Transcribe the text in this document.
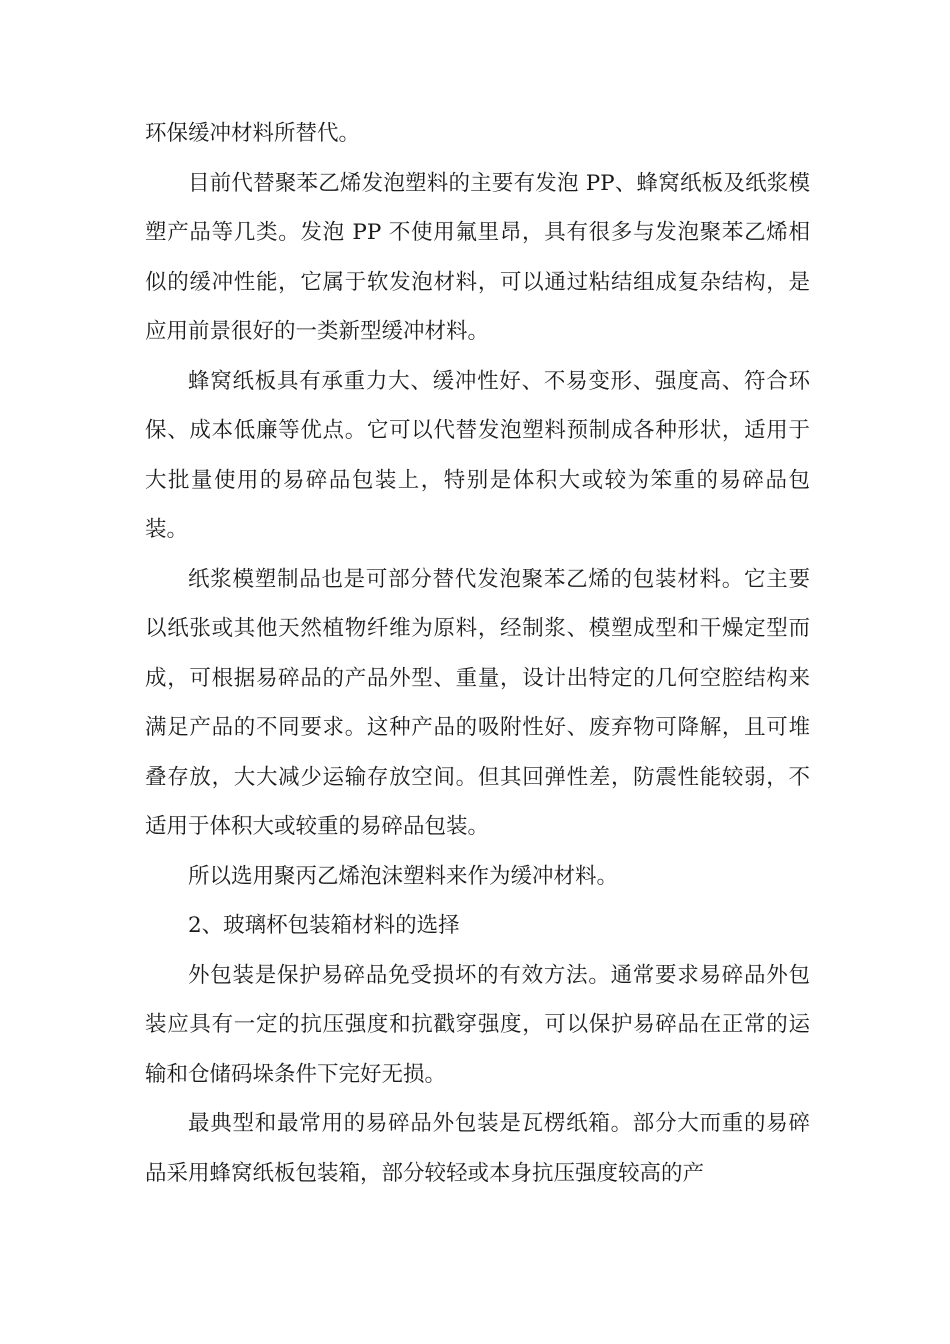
环保缓冲材料所替代。

目前代替聚苯乙烯发泡塑料的主要有发泡 PP、蜂窝纸板及纸浆模塑产品等几类。发泡 PP 不使用氟里昂，具有很多与发泡聚苯乙烯相似的缓冲性能，它属于软发泡材料，可以通过粘结组成复杂结构，是应用前景很好的一类新型缓冲材料。

蜂窝纸板具有承重力大、缓冲性好、不易变形、强度高、符合环保、成本低廉等优点。它可以代替发泡塑料预制成各种形状，适用于大批量使用的易碎品包装上，特别是体积大或较为笨重的易碎品包装。

纸浆模塑制品也是可部分替代发泡聚苯乙烯的包装材料。它主要以纸张或其他天然植物纤维为原料，经制浆、模塑成型和干燥定型而成，可根据易碎品的产品外型、重量，设计出特定的几何空腔结构来满足产品的不同要求。这种产品的吸附性好、废弃物可降解，且可堆叠存放，大大减少运输存放空间。但其回弹性差，防震性能较弱，不适用于体积大或较重的易碎品包装。

所以选用聚丙乙烯泡沫塑料来作为缓冲材料。

2、玻璃杯包装箱材料的选择

外包装是保护易碎品免受损坏的有效方法。通常要求易碎品外包装应具有一定的抗压强度和抗戳穿强度，可以保护易碎品在正常的运输和仓储码垛条件下完好无损。

最典型和最常用的易碎品外包装是瓦楞纸箱。部分大而重的易碎品采用蜂窝纸板包装箱，部分较轻或本身抗压强度较高的产
